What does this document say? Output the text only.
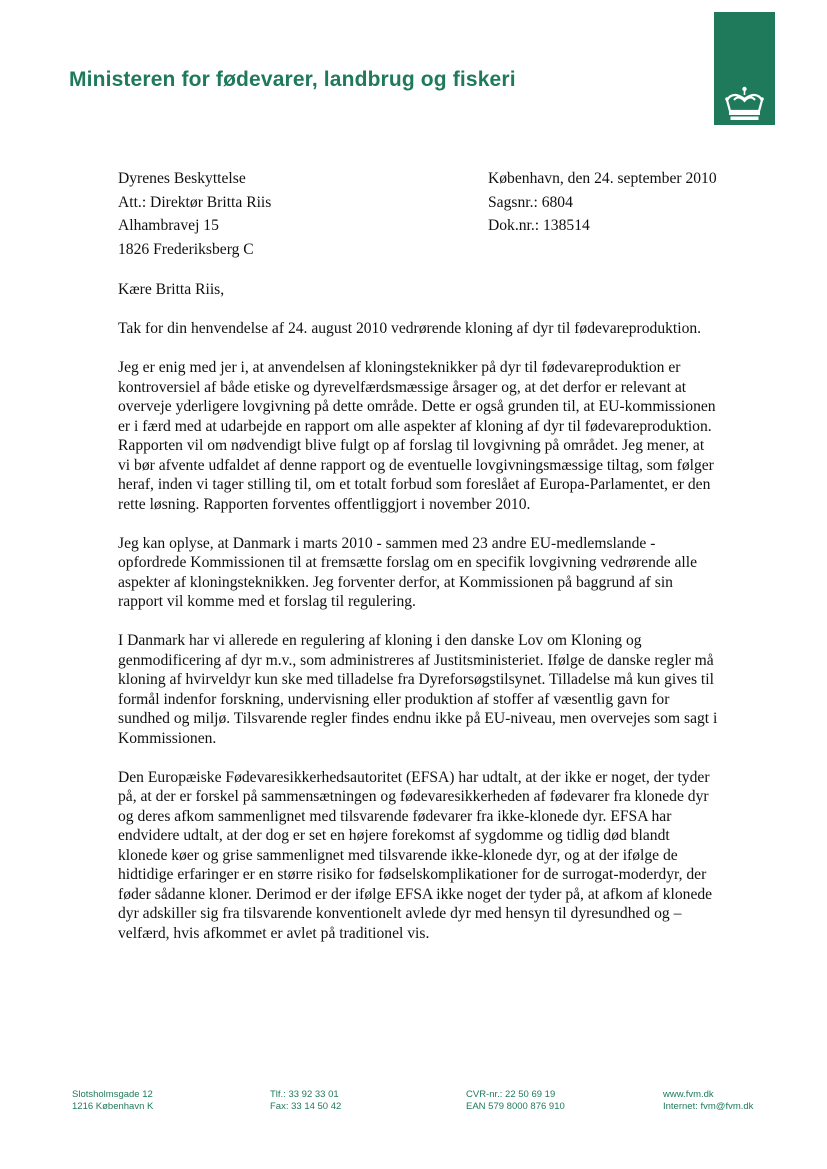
Ministeren for fødevarer, landbrug og fiskeri
Dyrenes Beskyttelse
Att.: Direktør Britta Riis
Alhambravej 15
1826 Frederiksberg C
København, den 24. september 2010
Sagsnr.: 6804
Dok.nr.: 138514

Kære Britta Riis,

Tak for din henvendelse af 24. august 2010 vedrørende kloning af dyr til fødevareproduktion.

Jeg er enig med jer i, at anvendelsen af kloningsteknikker på dyr til fødevareproduktion er kontroversiel af både etiske og dyrevelfærdsmæssige årsager og, at det derfor er relevant at overveje yderligere lovgivning på dette område. Dette er også grunden til, at EU-kommissionen er i færd med at udarbejde en rapport om alle aspekter af kloning af dyr til fødevareproduktion. Rapporten vil om nødvendigt blive fulgt op af forslag til lovgivning på området. Jeg mener, at vi bør afvente udfaldet af denne rapport og de eventuelle lovgivningsmæssige tiltag, som følger heraf, inden vi tager stilling til, om et totalt forbud som foreslået af Europa-Parlamentet, er den rette løsning. Rapporten forventes offentliggjort i november 2010.

Jeg kan oplyse, at Danmark i marts 2010 - sammen med 23 andre EU-medlemslande - opfordrede Kommissionen til at fremsætte forslag om en specifik lovgivning vedrørende alle aspekter af kloningsteknikken. Jeg forventer derfor, at Kommissionen på baggrund af sin rapport vil komme med et forslag til regulering.

I Danmark har vi allerede en regulering af kloning i den danske Lov om Kloning og genmodificering af dyr m.v., som administreres af Justitsministeriet. Ifølge de danske regler må kloning af hvirveldyr kun ske med tilladelse fra Dyreforsøgstilsynet. Tilladelse må kun gives til formål indenfor forskning, undervisning eller produktion af stoffer af væsentlig gavn for sundhed og miljø. Tilsvarende regler findes endnu ikke på EU-niveau, men overvejes som sagt i Kommissionen.

Den Europæiske Fødevaresikkerhedsautoritet (EFSA) har udtalt, at der ikke er noget, der tyder på, at der er forskel på sammensætningen og fødevaresikkerheden af fødevarer fra klonede dyr og deres afkom sammenlignet med tilsvarende fødevarer fra ikke-klonede dyr. EFSA har endvidere udtalt, at der dog er set en højere forekomst af sygdomme og tidlig død blandt klonede køer og grise sammenlignet med tilsvarende ikke-klonede dyr, og at der ifølge de hidtidige erfaringer er en større risiko for fødselskomplikationer for de surrogat-moderdyr, der føder sådanne kloner. Derimod er der ifølge EFSA ikke noget der tyder på, at afkom af klonede dyr adskiller sig fra tilsvarende konventionelt avlede dyr med hensyn til dyresundhed og –velfærd, hvis afkommet er avlet på traditionel vis.

Slotsholmsgade 12
1216 København K
Tlf.: 33 92 33 01
Fax: 33 14 50 42
CVR-nr.: 22 50 69 19
EAN 579 8000 876 910
www.fvm.dk
Internet: fvm@fvm.dk
